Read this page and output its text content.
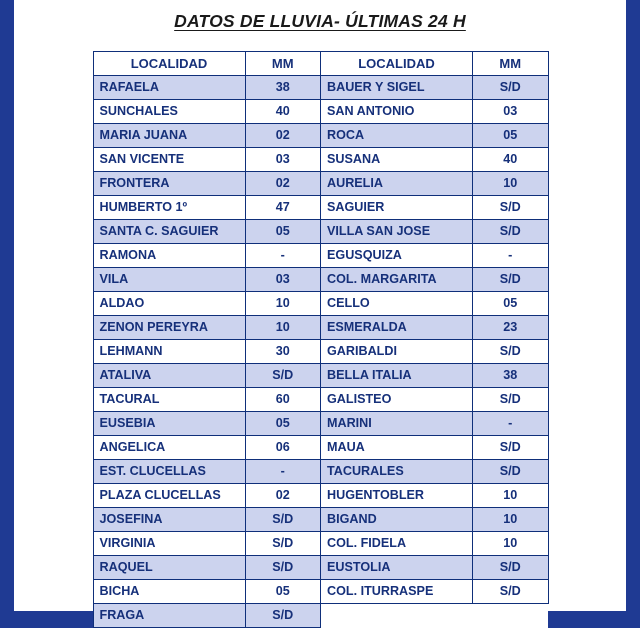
DATOS DE LLUVIA- ÚLTIMAS 24 H
LOCALIDAD	MM	LOCALIDAD	MM
RAFAELA	38	BAUER Y SIGEL	S/D
SUNCHALES	40	SAN ANTONIO	03
MARIA JUANA	02	ROCA	05
SAN VICENTE	03	SUSANA	40
FRONTERA	02	AURELIA	10
HUMBERTO 1º	47	SAGUIER	S/D
SANTA C. SAGUIER	05	VILLA SAN JOSE	S/D
RAMONA	-	EGUSQUIZA	-
VILA	03	COL. MARGARITA	S/D
ALDAO	10	CELLO	05
ZENON PEREYRA	10	ESMERALDA	23
LEHMANN	30	GARIBALDI	S/D
ATALIVA	S/D	BELLA ITALIA	38
TACURAL	60	GALISTEO	S/D
EUSEBIA	05	MARINI	-
ANGELICA	06	MAUA	S/D
EST. CLUCELLAS	-	TACURALES	S/D
PLAZA CLUCELLAS	02	HUGENTOBLER	10
JOSEFINA	S/D	BIGAND	10
VIRGINIA	S/D	COL. FIDELA	10
RAQUEL	S/D	EUSTOLIA	S/D
BICHA	05	COL. ITURRASPE	S/D
FRAGA	S/D		
